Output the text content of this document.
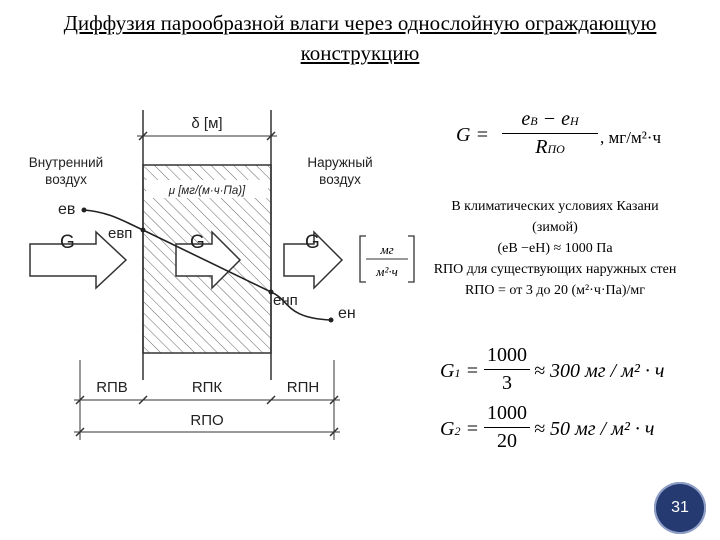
Диффузия парообразной влаги через однослойную ограждающую
конструкцию
δ [м]
μ [мг/(м·ч·Па)]
Внутренний
воздух
Наружный
воздух
G	G	G
eв
eвп
eнп
eн
RПВ	RПК	RПН
RПО
мг
м²·ч
G =
eВ − eН
RПО
, мг/м²·ч
В климатических условиях Казани
(зимой)
(eВ −eН) ≈ 1000 Па
RПО для существующих наружных стен
RПО = от 3 до 20 (м²·ч·Па)/мг
G1 =
1000
3
≈ 300 мг / м² · ч
G2 =
1000
20
≈ 50 мг / м² · ч
31
